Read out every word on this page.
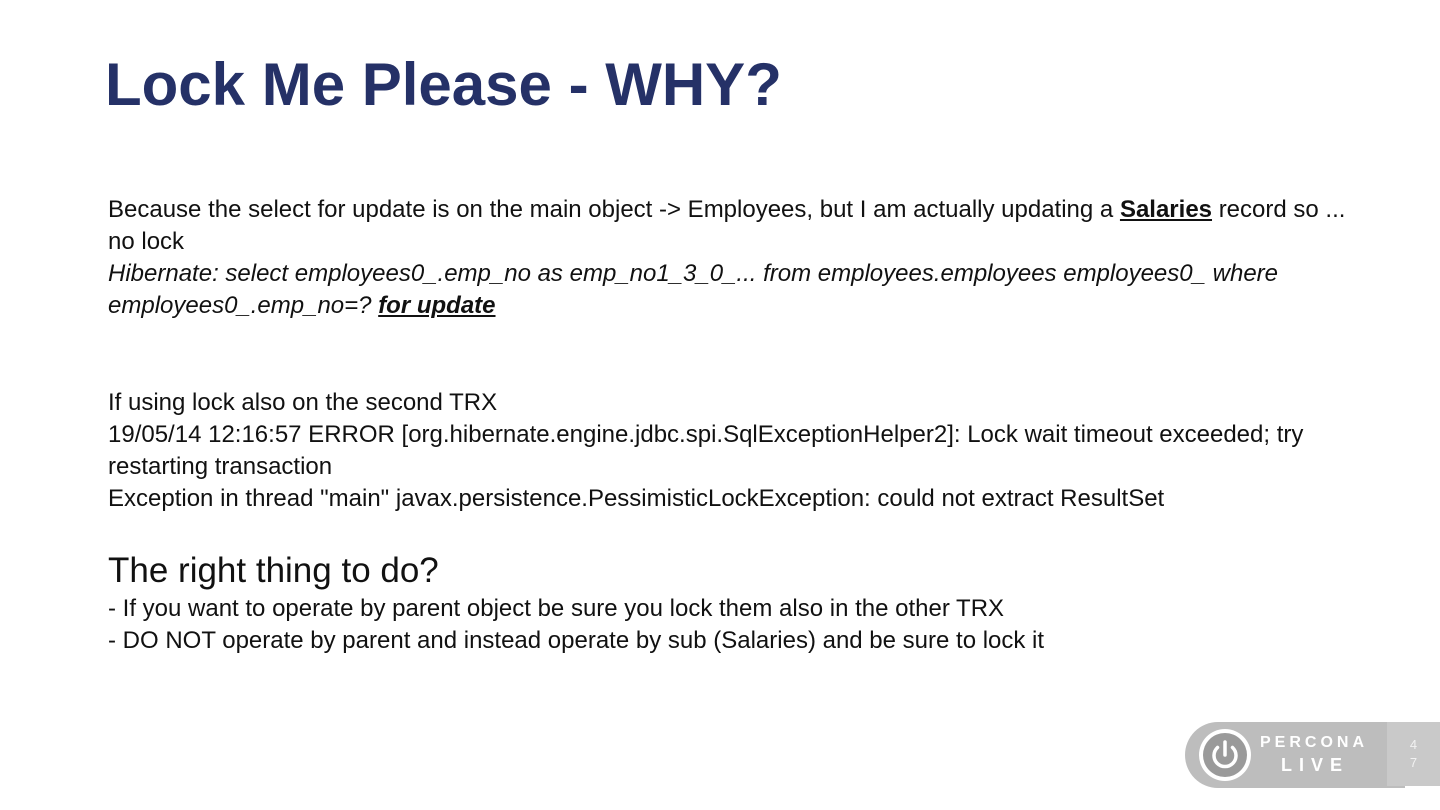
Lock Me Please - WHY?

Because the select for update is on the main object -> Employees, but I am actually updating a Salaries record so ... no lock

Hibernate: select employees0_.emp_no as emp_no1_3_0_... from employees.employees employees0_ where employees0_.emp_no=? for update

If using lock also on the second TRX

19/05/14 12:16:57 ERROR [org.hibernate.engine.jdbc.spi.SqlExceptionHelper2]: Lock wait timeout exceeded; try restarting transaction

Exception in thread "main" javax.persistence.PessimisticLockException: could not extract ResultSet

The right thing to do?

- If you want to operate by parent object be sure you lock them also in the other TRX

- DO NOT operate by parent and instead operate by sub (Salaries) and be sure to lock it

PERCONA
LIVE
4
7
